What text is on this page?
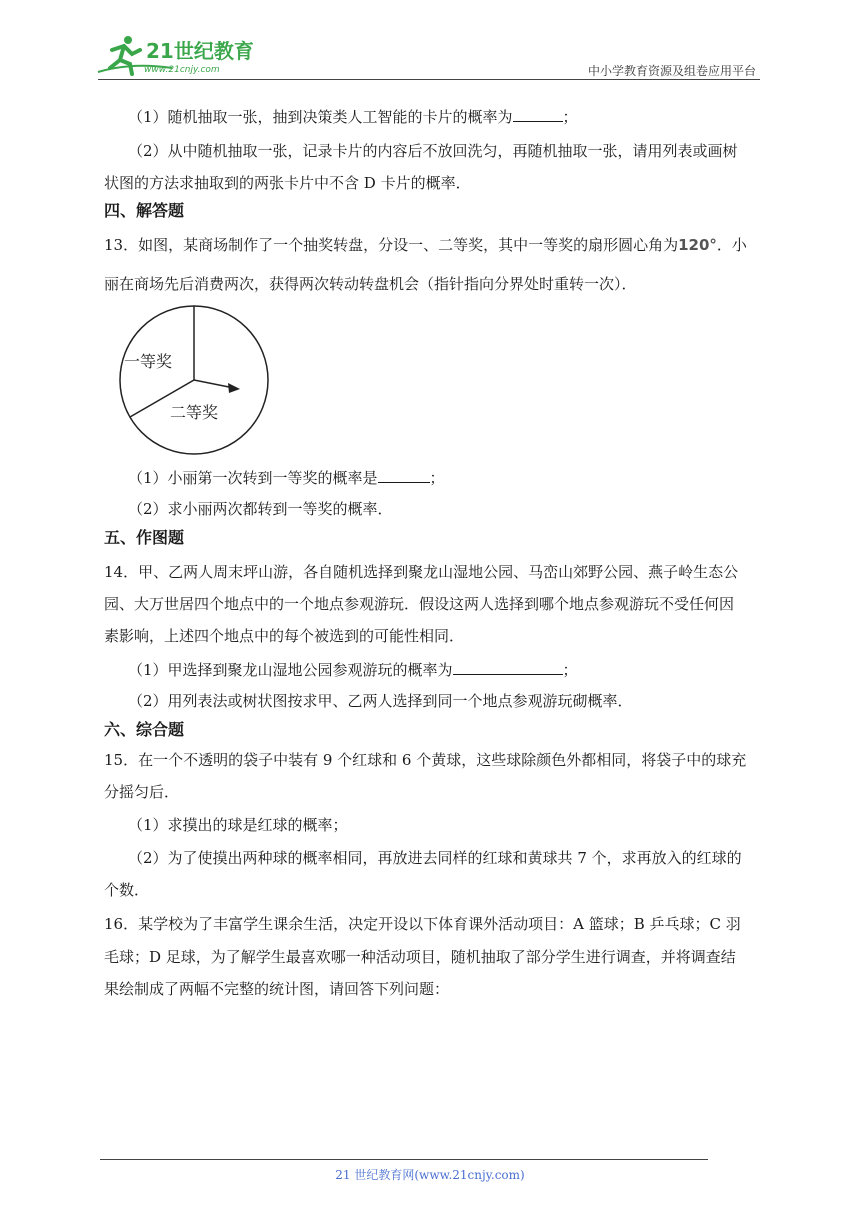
21世纪教育
www.21cnjy.com	中小学教育资源及组卷应用平台
（1）随机抽取一张，抽到决策类人工智能的卡片的概率为	；
（2）从中随机抽取一张，记录卡片的内容后不放回洗匀，再随机抽取一张，请用列表或画树
状图的方法求抽取到的两张卡片中不含 D 卡片的概率．
四、解答题
13．如图，某商场制作了一个抽奖转盘，分设一、二等奖，其中一等奖的扇形圆心角为120°．小
丽在商场先后消费两次，获得两次转动转盘机会（指针指向分界处时重转一次）．
一等奖
二等奖
（1）小丽第一次转到一等奖的概率是	；
（2）求小丽两次都转到一等奖的概率．
五、作图题
14．甲、乙两人周末坪山游，各自随机选择到聚龙山湿地公园、马峦山郊野公园、燕子岭生态公
园、大万世居四个地点中的一个地点参观游玩．假设这两人选择到哪个地点参观游玩不受任何因
素影响，上述四个地点中的每个被选到的可能性相同．
（1）甲选择到聚龙山湿地公园参观游玩的概率为	；
（2）用列表法或树状图按求甲、乙两人选择到同一个地点参观游玩砌概率．
六、综合题
15．在一个不透明的袋子中装有 9 个红球和 6 个黄球，这些球除颜色外都相同，将袋子中的球充
分摇匀后．
（1）求摸出的球是红球的概率；
（2）为了使摸出两种球的概率相同，再放进去同样的红球和黄球共 7 个，求再放入的红球的
个数．
16．某学校为了丰富学生课余生活，决定开设以下体育课外活动项目：A 篮球；B 乒乓球；C 羽
毛球；D 足球，为了解学生最喜欢哪一种活动项目，随机抽取了部分学生进行调查，并将调查结
果绘制成了两幅不完整的统计图，请回答下列问题：
21 世纪教育网(www.21cnjy.com)
